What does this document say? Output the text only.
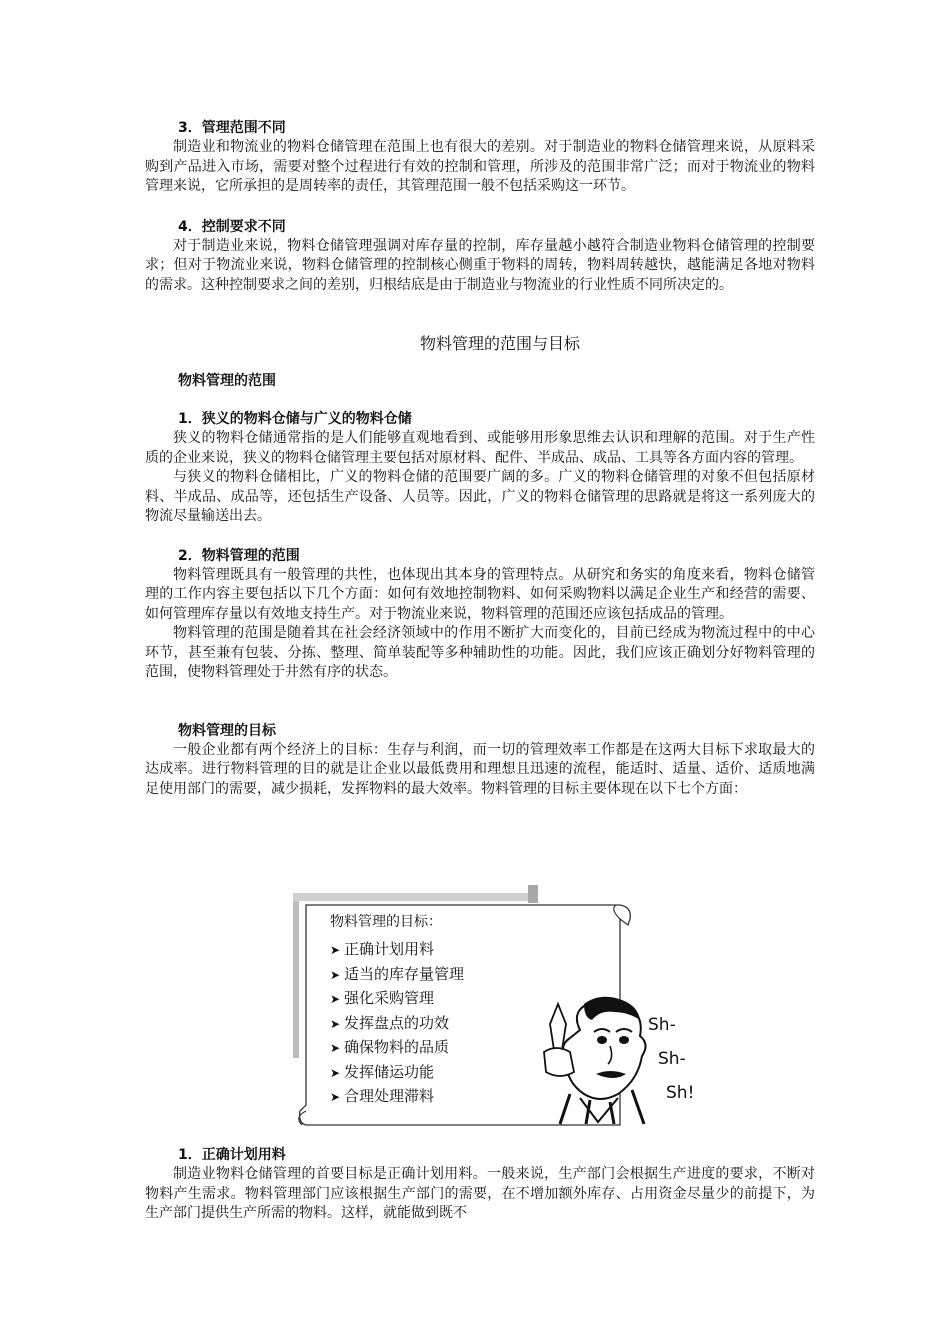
3．管理范围不同

制造业和物流业的物料仓储管理在范围上也有很大的差别。对于制造业的物料仓储管理来说，从原料采购到产品进入市场，需要对整个过程进行有效的控制和管理，所涉及的范围非常广泛；而对于物流业的物料管理来说，它所承担的是周转率的责任，其管理范围一般不包括采购这一环节。

4．控制要求不同

对于制造业来说，物料仓储管理强调对库存量的控制，库存量越小越符合制造业物料仓储管理的控制要求；但对于物流业来说，物料仓储管理的控制核心侧重于物料的周转，物料周转越快，越能满足各地对物料的需求。这种控制要求之间的差别，归根结底是由于制造业与物流业的行业性质不同所决定的。

物料管理的范围与目标
物料管理的范围
1．狭义的物料仓储与广义的物料仓储

狭义的物料仓储通常指的是人们能够直观地看到、或能够用形象思维去认识和理解的范围。对于生产性质的企业来说，狭义的物料仓储管理主要包括对原材料、配件、半成品、成品、工具等各方面内容的管理。

与狭义的物料仓储相比，广义的物料仓储的范围要广阔的多。广义的物料仓储管理的对象不但包括原材料、半成品、成品等，还包括生产设备、人员等。因此，广义的物料仓储管理的思路就是将这一系列庞大的物流尽量输送出去。

2．物料管理的范围

物料管理既具有一般管理的共性，也体现出其本身的管理特点。从研究和务实的角度来看，物料仓储管理的工作内容主要包括以下几个方面：如何有效地控制物料、如何采购物料以满足企业生产和经营的需要、如何管理库存量以有效地支持生产。对于物流业来说，物料管理的范围还应该包括成品的管理。

物料管理的范围是随着其在社会经济领域中的作用不断扩大而变化的，目前已经成为物流过程中的中心环节，甚至兼有包装、分拣、整理、简单装配等多种辅助性的功能。因此，我们应该正确划分好物料管理的范围，使物料管理处于井然有序的状态。

物料管理的目标

一般企业都有两个经济上的目标：生存与利润，而一切的管理效率工作都是在这两大目标下求取最大的达成率。进行物料管理的目的就是让企业以最低费用和理想且迅速的流程，能适时、适量、适价、适质地满足使用部门的需要，减少损耗，发挥物料的最大效率。物料管理的目标主要体现在以下七个方面：

物料管理的目标：
➤ 正确计划用料
➤ 适当的库存量管理
➤ 强化采购管理
➤ 发挥盘点的功效
➤ 确保物料的品质
➤ 发挥储运功能
➤ 合理处理滞料
Sh-
Sh-
Sh!
1．正确计划用料

制造业物料仓储管理的首要目标是正确计划用料。一般来说，生产部门会根据生产进度的要求，不断对物料产生需求。物料管理部门应该根据生产部门的需要，在不增加额外库存、占用资金尽量少的前提下，为生产部门提供生产所需的物料。这样，就能做到既不
